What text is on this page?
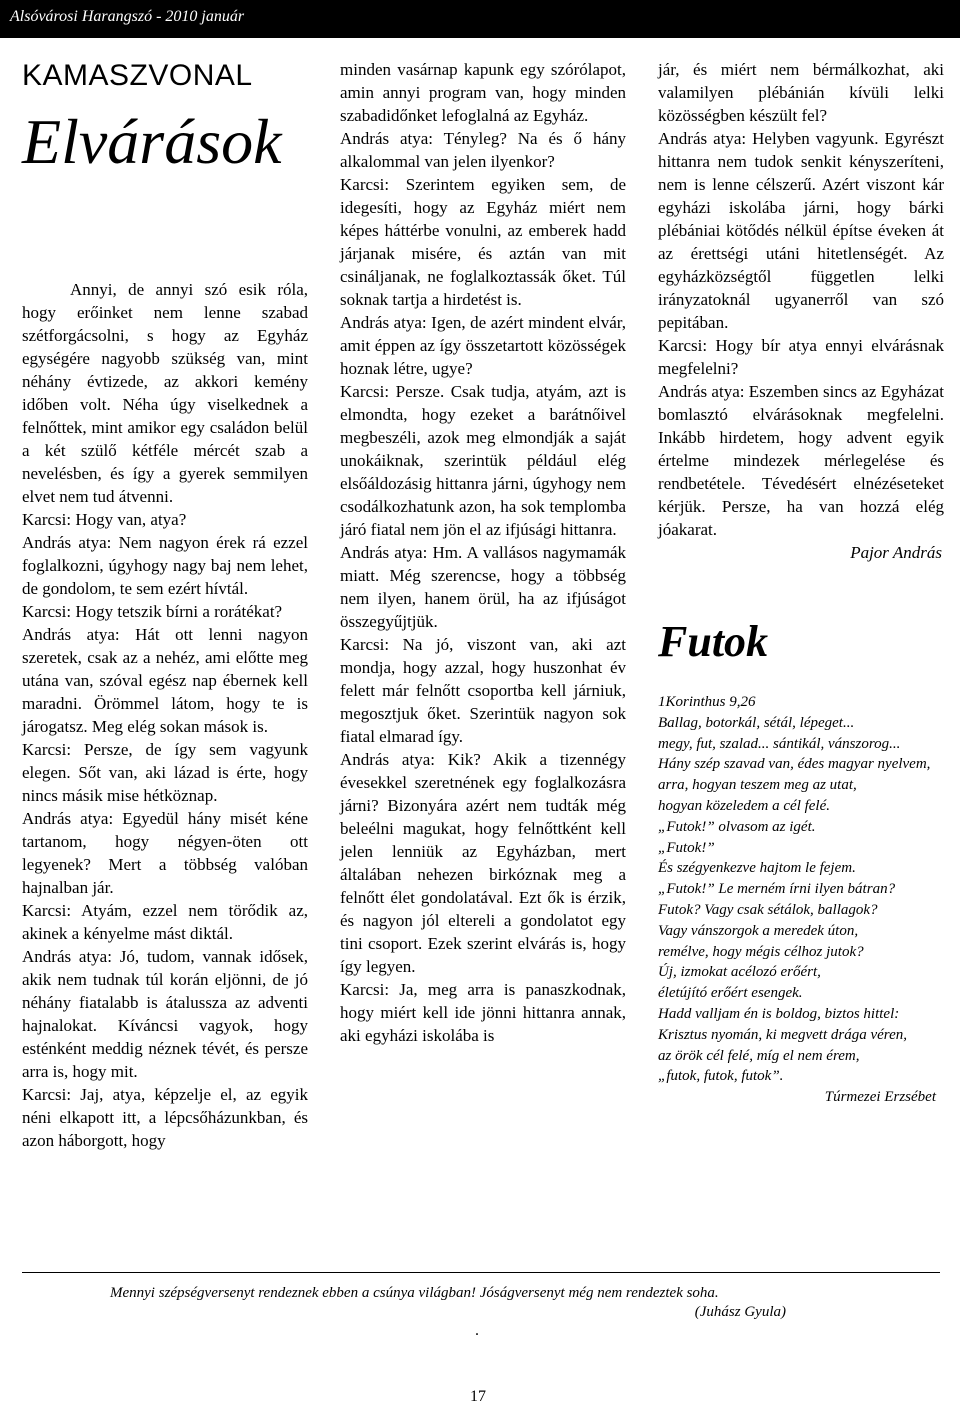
Alsóvárosi Harangszó - 2010 január
KAMASZVONAL
Elvárások

Annyi, de annyi szó esik róla, hogy erőinket nem lenne szabad szétforgácsolni, s hogy az Egyház egységére nagyobb szükség van, mint néhány évtizede, az akkori kemény időben volt. Néha úgy viselkednek a felnőttek, mint amikor egy családon belül a két szülő kétféle mércét szab a nevelésben, és így a gyerek semmilyen elvet nem tud átvenni.

Karcsi: Hogy van, atya?

András atya: Nem nagyon érek rá ezzel foglalkozni, úgyhogy nagy baj nem lehet, de gondolom, te sem ezért hívtál.

Karcsi: Hogy tetszik bírni a rorátékat?

András atya: Hát ott lenni nagyon szeretek, csak az a nehéz, ami előtte meg utána van, szóval egész nap ébernek kell maradni. Örömmel látom, hogy te is járogatsz. Meg elég sokan mások is.

Karcsi: Persze, de így sem vagyunk elegen. Sőt van, aki lázad is érte, hogy nincs másik mise hétköznap.

András atya: Egyedül hány misét kéne tartanom, hogy négyen-öten ott legyenek? Mert a többség valóban hajnalban jár.

Karcsi: Atyám, ezzel nem törődik az, akinek a kényelme mást diktál.

András atya: Jó, tudom, vannak idősek, akik nem tudnak túl korán eljönni, de jó néhány fiatalabb is átalussza az adventi hajnalokat. Kíváncsi vagyok, hogy esténként meddig néznek tévét, és persze arra is, hogy mit.

Karcsi: Jaj, atya, képzelje el, az egyik néni elkapott itt, a lépcsőházunkban, és azon háborgott, hogy

minden vasárnap kapunk egy szórólapot, amin annyi program van, hogy minden szabadidőnket lefoglalná az Egyház.

András atya: Tényleg? Na és ő hány alkalommal van jelen ilyenkor?

Karcsi: Szerintem egyiken sem, de idegesíti, hogy az Egyház miért nem képes háttérbe vonulni, az emberek hadd járjanak misére, és aztán van mit csináljanak, ne foglalkoztassák őket. Túl soknak tartja a hirdetést is.

András atya: Igen, de azért mindent elvár, amit éppen az így összetartott közösségek hoznak létre, ugye?

Karcsi: Persze. Csak tudja, atyám, azt is elmondta, hogy ezeket a barátnőivel megbeszéli, azok meg elmondják a saját unokáiknak, szerintük például elég elsőáldozásig hittanra járni, úgyhogy nem csodálkozhatunk azon, ha sok templomba járó fiatal nem jön el az ifjúsági hittanra.

András atya: Hm. A vallásos nagymamák miatt. Még szerencse, hogy a többség nem ilyen, hanem örül, ha az ifjúságot összegyűjtjük.

Karcsi: Na jó, viszont van, aki azt mondja, hogy azzal, hogy huszonhat év felett már felnőtt csoportba kell járniuk, megosztjuk őket. Szerintük nagyon sok fiatal elmarad így.

András atya: Kik? Akik a tizennégy évesekkel szeretnének egy foglalkozásra járni? Bizonyára azért nem tudták még beleélni magukat, hogy felnőttként kell jelen lenniük az Egyházban, mert általában nehezen birkóznak meg a felnőtt élet gondolatával. Ezt ők is érzik, és nagyon jól eltereli a gondolatot egy tini csoport. Ezek szerint elvárás is, hogy így legyen.

Karcsi: Ja, meg arra is panaszkodnak, hogy miért kell ide jönni hittanra annak, aki egyházi iskolába is

jár, és miért nem bérmálkozhat, aki valamilyen plébánián kívüli lelki közösségben készült fel?

András atya: Helyben vagyunk. Egyrészt hittanra nem tudok senkit kényszeríteni, nem is lenne célszerű. Azért viszont kár egyházi iskolába járni, hogy bárki plébániai kötődés nélkül építse éveken át az érettségi utáni hitetlenségét. Az egyházközségtől független lelki irányzatoknál ugyanerről van szó pepitában.

Karcsi: Hogy bír atya ennyi elvárásnak megfelelni?

András atya: Eszemben sincs az Egyházat bomlasztó elvárásoknak megfelelni. Inkább hirdetem, hogy advent egyik értelme mindezek mérlegelése és rendbetétele. Tévedésért elnézéseteket kérjük. Persze, ha van hozzá elég jóakarat.

Pajor András

Futok

1Korinthus 9,26

Ballag, botorkál, sétál, lépeget...

megy, fut, szalad... sántikál, vánszorog...

Hány szép szavad van, édes magyar nyelvem,

arra, hogyan teszem meg az utat,

hogyan közeledem a cél felé.

„Futok!” olvasom az igét.

„Futok!”

És szégyenkezve hajtom le fejem.

„Futok!” Le merném írni ilyen bátran?

Futok? Vagy csak sétálok, ballagok?

Vagy vánszorgok a meredek úton,

remélve, hogy mégis célhoz jutok?

Új, izmokat acélozó erőért,

életújító erőért esengek.

Hadd valljam én is boldog, biztos hittel:

Krisztus nyomán, ki megvett drága véren,

az örök cél felé, míg el nem érem,

„futok, futok, futok”.

Túrmezei Erzsébet

Mennyi szépségversenyt rendeznek ebben a csúnya világban! Jóságversenyt még nem rendeztek soha.
(Juhász Gyula)
.
17
